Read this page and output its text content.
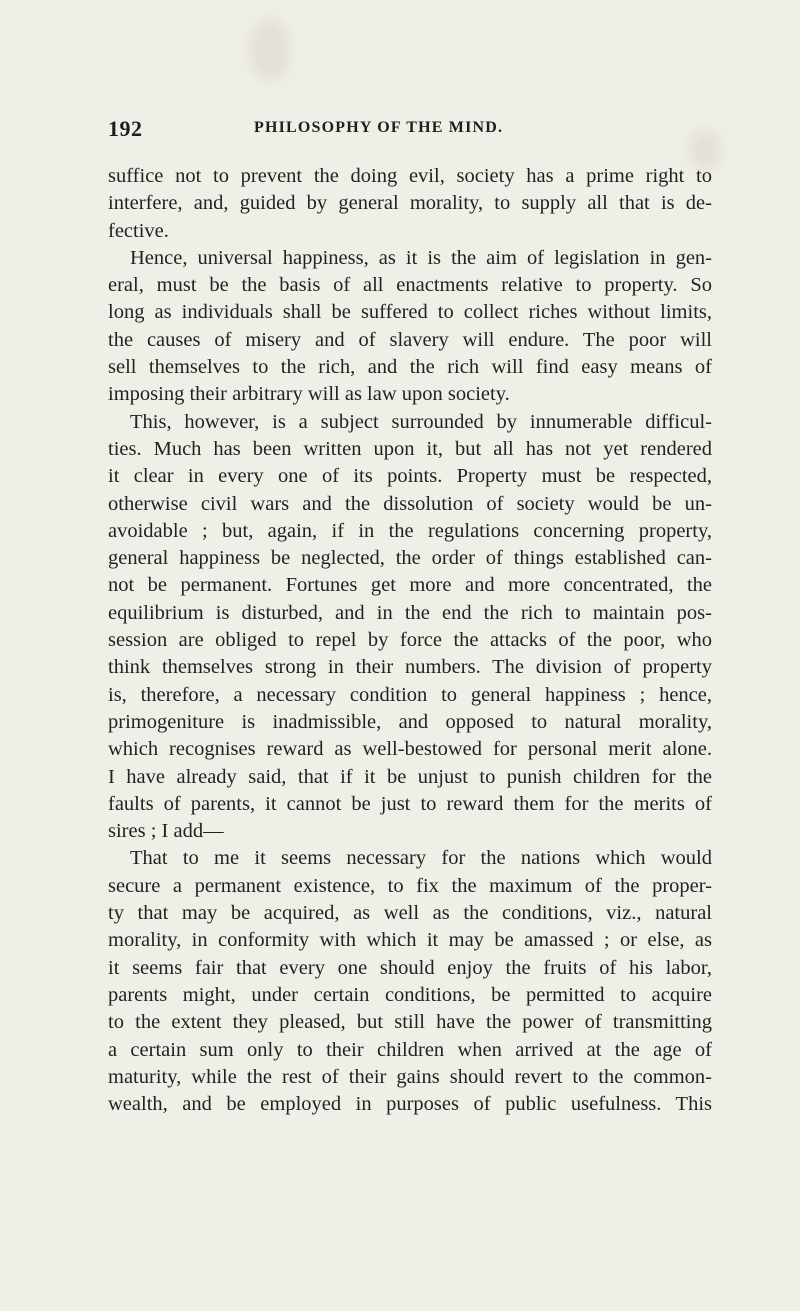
192	PHILOSOPHY OF THE MIND.
suffice not to prevent the doing evil, society has a prime right to
interfere, and, guided by general morality, to supply all that is de-
fective.
Hence, universal happiness, as it is the aim of legislation in gen-
eral, must be the basis of all enactments relative to property. So
long as individuals shall be suffered to collect riches without limits,
the causes of misery and of slavery will endure. The poor will
sell themselves to the rich, and the rich will find easy means of
imposing their arbitrary will as law upon society.
This, however, is a subject surrounded by innumerable difficul-
ties. Much has been written upon it, but all has not yet rendered
it clear in every one of its points. Property must be respected,
otherwise civil wars and the dissolution of society would be un-
avoidable ; but, again, if in the regulations concerning property,
general happiness be neglected, the order of things established can-
not be permanent. Fortunes get more and more concentrated, the
equilibrium is disturbed, and in the end the rich to maintain pos-
session are obliged to repel by force the attacks of the poor, who
think themselves strong in their numbers. The division of property
is, therefore, a necessary condition to general happiness ; hence,
primogeniture is inadmissible, and opposed to natural morality,
which recognises reward as well-bestowed for personal merit alone.
I have already said, that if it be unjust to punish children for the
faults of parents, it cannot be just to reward them for the merits of
sires ; I add—
That to me it seems necessary for the nations which would
secure a permanent existence, to fix the maximum of the proper-
ty that may be acquired, as well as the conditions, viz., natural
morality, in conformity with which it may be amassed ; or else, as
it seems fair that every one should enjoy the fruits of his labor,
parents might, under certain conditions, be permitted to acquire
to the extent they pleased, but still have the power of transmitting
a certain sum only to their children when arrived at the age of
maturity, while the rest of their gains should revert to the common-
wealth, and be employed in purposes of public usefulness. This
